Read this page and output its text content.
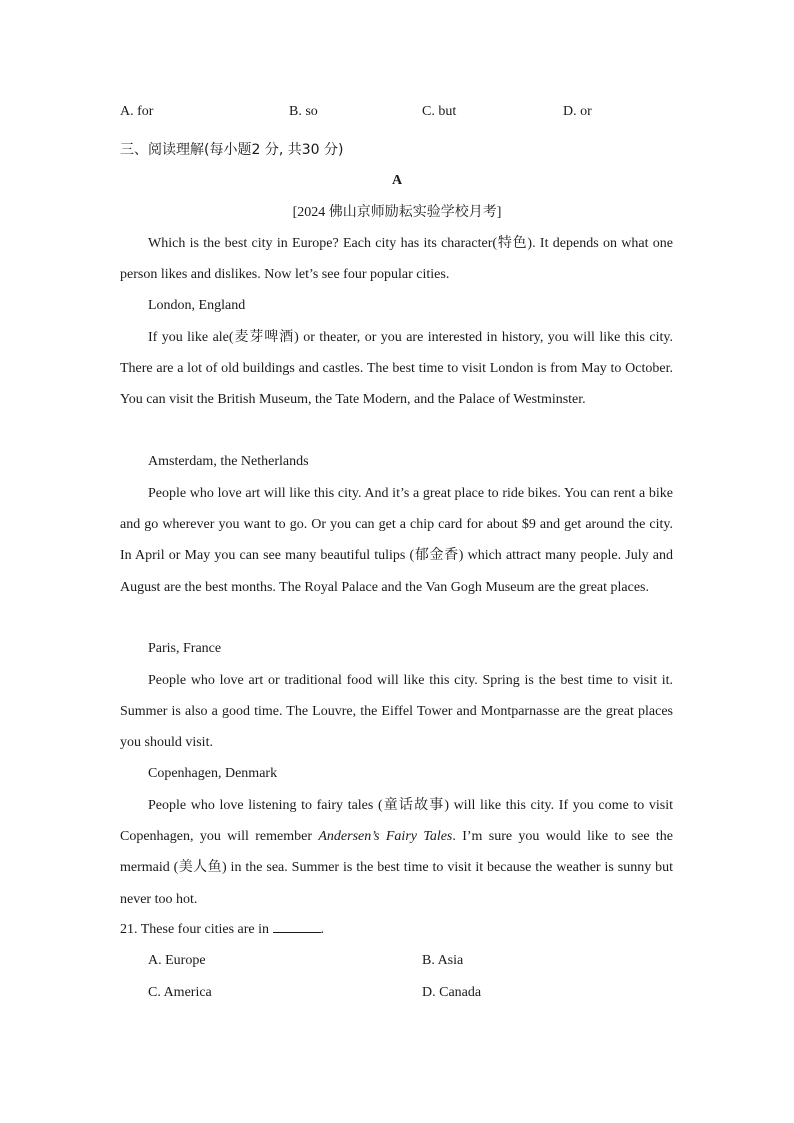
A. for	B. so	C. but	D. or
三、阅读理解(每小题2 分, 共30 分)
A
[2024 佛山京师励耘实验学校月考]

Which is the best city in Europe? Each city has its character(特色). It depends on what one person likes and dislikes. Now let’s see four popular cities.

London, England

If you like ale(麦芽啤酒) or theater, or you are interested in history, you will like this city. There are a lot of old buildings and castles. The best time to visit London is from May to October. You can visit the British Museum, the Tate Modern, and the Palace of Westminster.

Amsterdam, the Netherlands

People who love art will like this city. And it’s a great place to ride bikes. You can rent a bike and go wherever you want to go. Or you can get a chip card for about $9 and get around the city. In April or May you can see many beautiful tulips (郁金香) which attract many people. July and August are the best months. The Royal Palace and the Van Gogh Museum are the great places.

Paris, France

People who love art or traditional food will like this city. Spring is the best time to visit it. Summer is also a good time. The Louvre, the Eiffel Tower and Montparnasse are the great places you should visit.

Copenhagen, Denmark

People who love listening to fairy tales (童话故事) will like this city. If you come to visit Copenhagen, you will remember Andersen’s Fairy Tales. I’m sure you would like to see the mermaid (美人鱼) in the sea. Summer is the best time to visit it because the weather is sunny but never too hot.

21. These four cities are in	.
A. Europe	B. Asia
C. America	D. Canada
